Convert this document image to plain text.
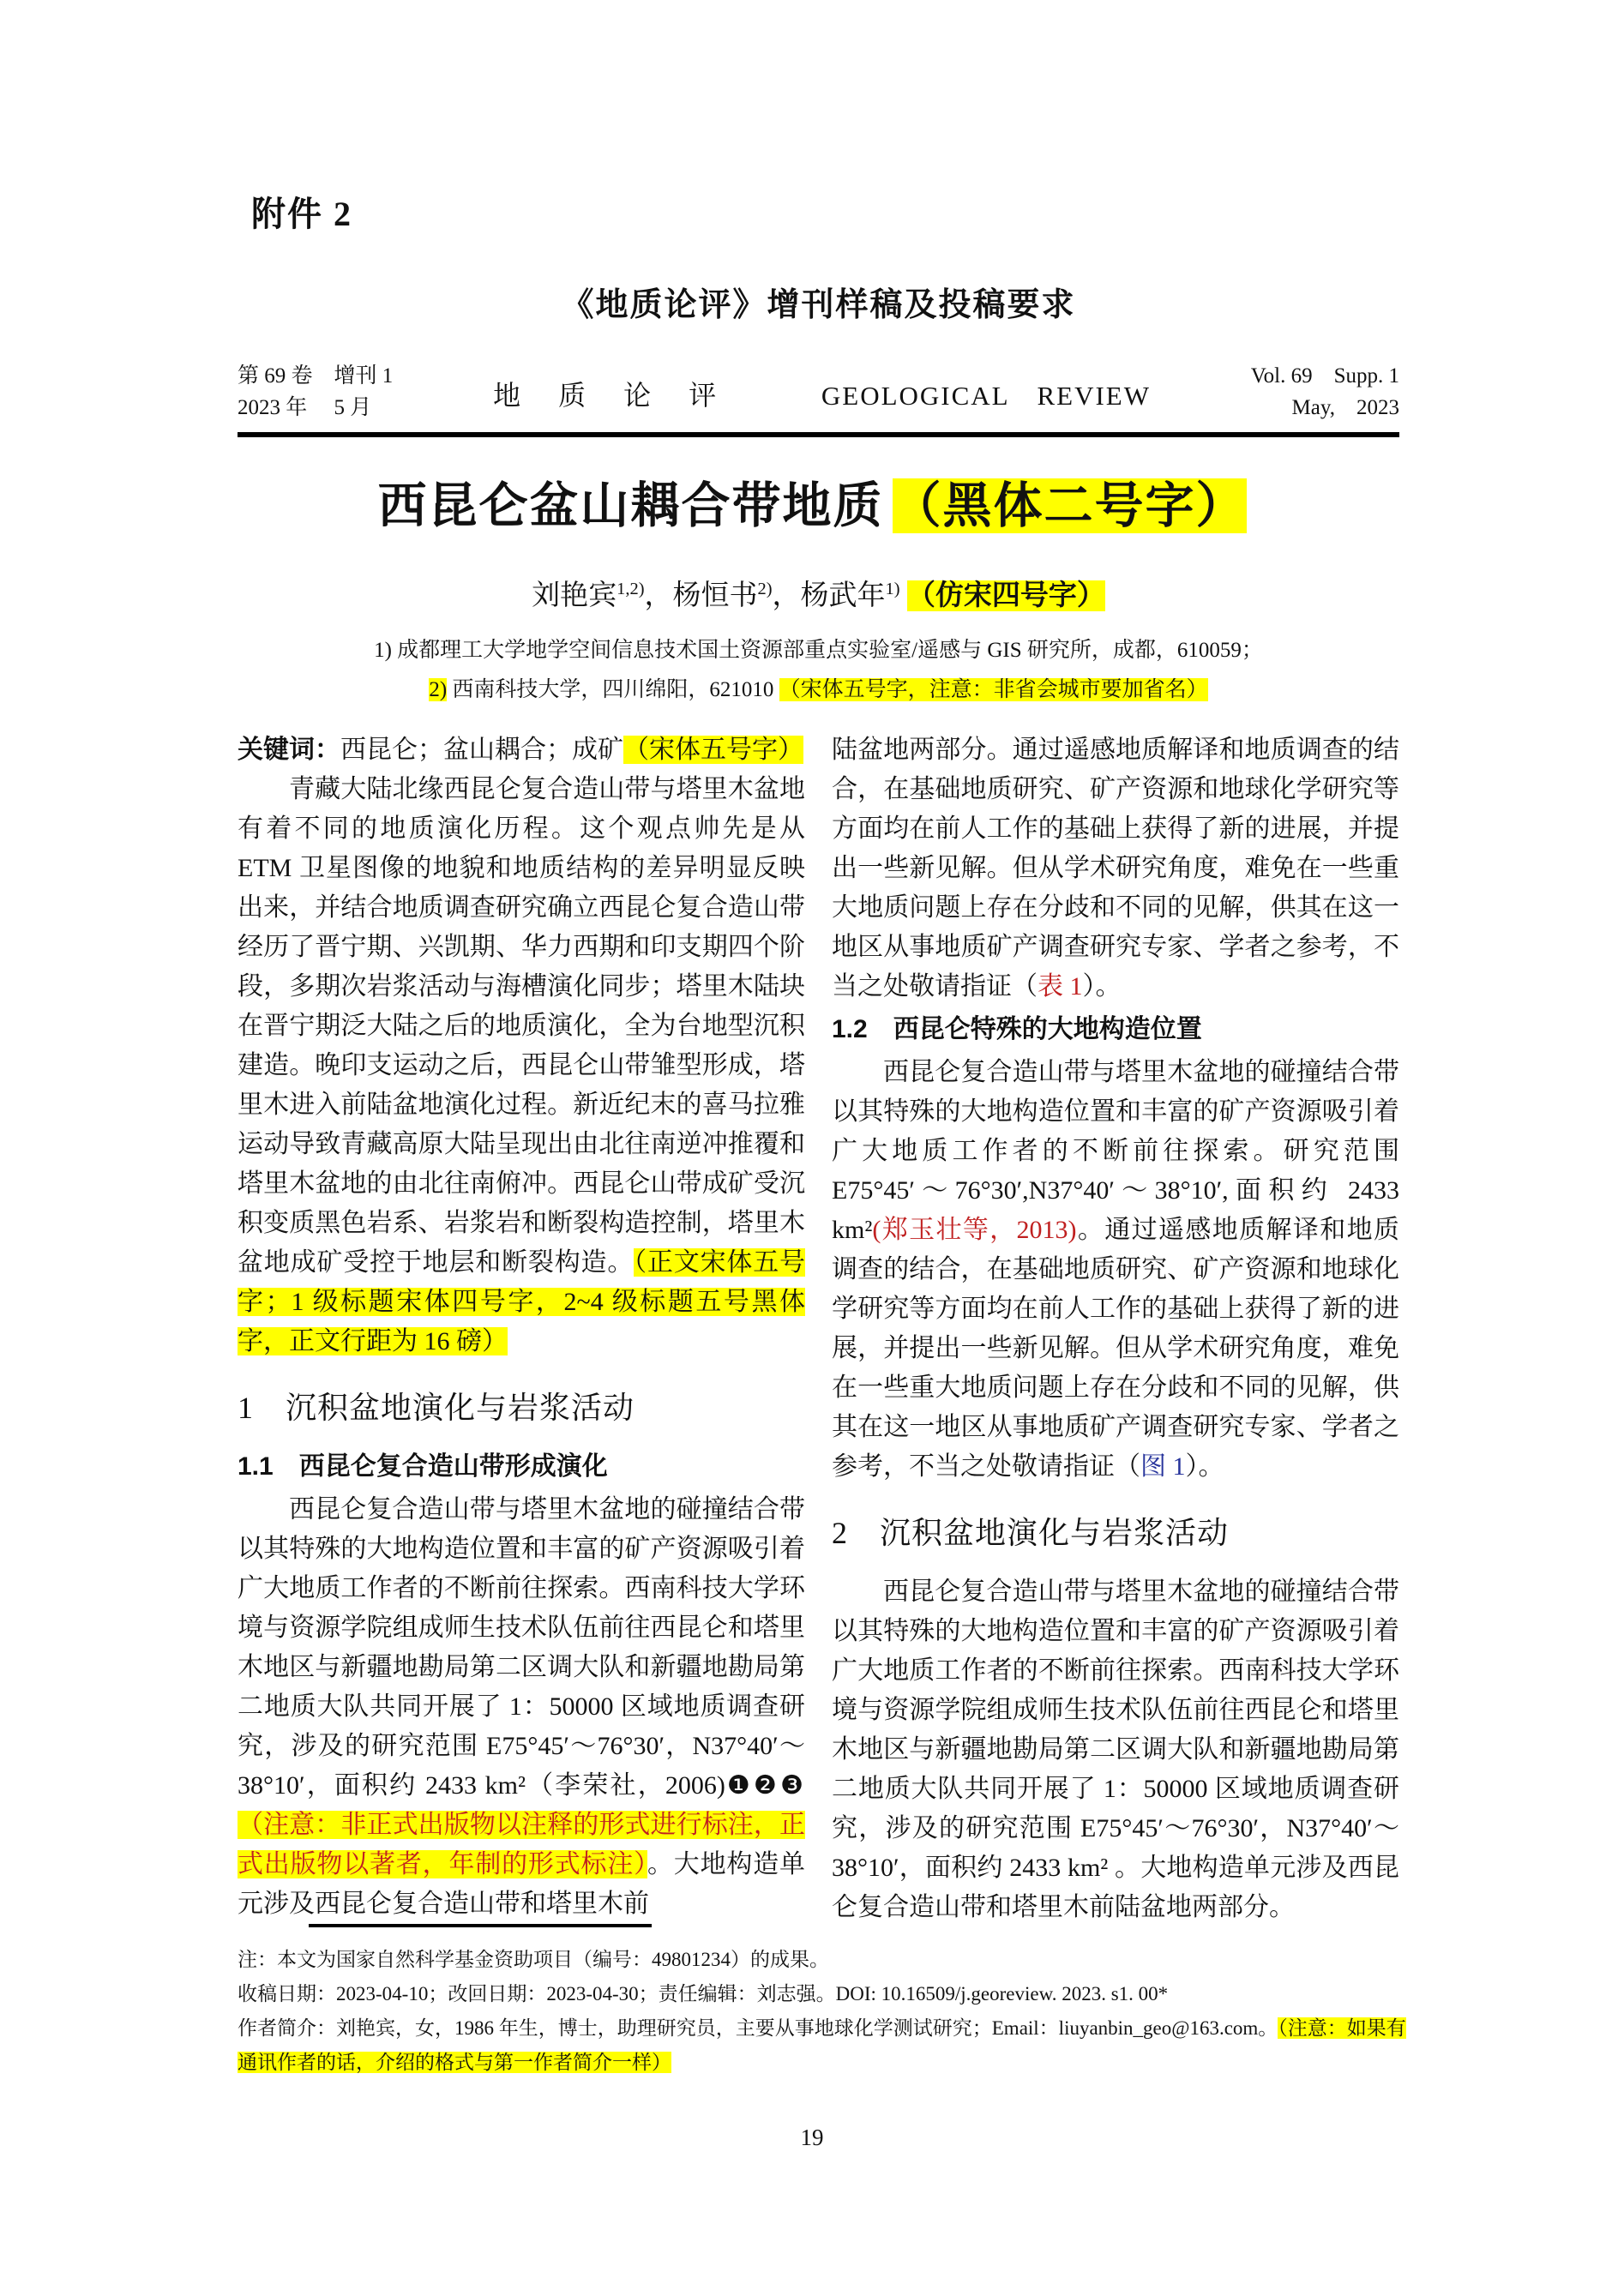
附件 2
《地质论评》增刊样稿及投稿要求
第 69 卷　增刊 1
2023 年　 5 月	地　质　论　评	GEOLOGICAL　REVIEW
Vol. 69　Supp. 1
May,　2023
西昆仑盆山耦合带地质 （黑体二号字）
刘艳宾$^{1,2)}$，杨恒书$^{2)}$，杨武年$^{1)}$ （仿宋四号字）
1) 成都理工大学地学空间信息技术国土资源部重点实验室/遥感与 GIS 研究所，成都，610059；
2) 西南科技大学，四川绵阳，621010 （宋体五号字，注意：非省会城市要加省名）
关键词：西昆仑；盆山耦合；成矿（宋体五号字）
青藏大陆北缘西昆仑复合造山带与塔里木盆地有着不同的地质演化历程。这个观点帅先是从 ETM 卫星图像的地貌和地质结构的差异明显反映出来，并结合地质调查研究确立西昆仑复合造山带经历了晋宁期、兴凯期、华力西期和印支期四个阶段，多期次岩浆活动与海槽演化同步；塔里木陆块在晋宁期泛大陆之后的地质演化，全为台地型沉积建造。晚印支运动之后，西昆仑山带雏型形成，塔里木进入前陆盆地演化过程。新近纪末的喜马拉雅运动导致青藏高原大陆呈现出由北往南逆冲推覆和塔里木盆地的由北往南俯冲。西昆仑山带成矿受沉积变质黑色岩系、岩浆岩和断裂构造控制，塔里木盆地成矿受控于地层和断裂构造。（正文宋体五号字；1 级标题宋体四号字，2~4 级标题五号黑体字，正文行距为 16 磅）
1　沉积盆地演化与岩浆活动
1.1　西昆仑复合造山带形成演化
西昆仑复合造山带与塔里木盆地的碰撞结合带以其特殊的大地构造位置和丰富的矿产资源吸引着广大地质工作者的不断前往探索。西南科技大学环境与资源学院组成师生技术队伍前往西昆仑和塔里木地区与新疆地勘局第二区调大队和新疆地勘局第二地质大队共同开展了 1：50000 区域地质调查研究，涉及的研究范围 E75°45′～76°30′，N37°40′～38°10′，面积约 2433 km²（李荣社，2006)❶❷❸ （注意：非正式出版物以注释的形式进行标注，正式出版物以著者，年制的形式标注）。大地构造单元涉及西昆仑复合造山带和塔里木前
陆盆地两部分。通过遥感地质解译和地质调查的结合，在基础地质研究、矿产资源和地球化学研究等方面均在前人工作的基础上获得了新的进展，并提出一些新见解。但从学术研究角度，难免在一些重大地质问题上存在分歧和不同的见解，供其在这一地区从事地质矿产调查研究专家、学者之参考，不当之处敬请指证（表 1）。
1.2　西昆仑特殊的大地构造位置
西昆仑复合造山带与塔里木盆地的碰撞结合带以其特殊的大地构造位置和丰富的矿产资源吸引着广大地质工作者的不断前往探索。研究范围 E75°45′～76°30′,N37°40′～38°10′,面积约 2433 km²(郑玉壮等，2013)。通过遥感地质解译和地质调查的结合，在基础地质研究、矿产资源和地球化学研究等方面均在前人工作的基础上获得了新的进展，并提出一些新见解。但从学术研究角度，难免在一些重大地质问题上存在分歧和不同的见解，供其在这一地区从事地质矿产调查研究专家、学者之参考，不当之处敬请指证（图 1）。
2　沉积盆地演化与岩浆活动
西昆仑复合造山带与塔里木盆地的碰撞结合带以其特殊的大地构造位置和丰富的矿产资源吸引着广大地质工作者的不断前往探索。西南科技大学环境与资源学院组成师生技术队伍前往西昆仑和塔里木地区与新疆地勘局第二区调大队和新疆地勘局第二地质大队共同开展了 1：50000 区域地质调查研究，涉及的研究范围 E75°45′～76°30′，N37°40′～38°10′，面积约 2433 km² 。大地构造单元涉及西昆仑复合造山带和塔里木前陆盆地两部分。
注：本文为国家自然科学基金资助项目（编号：49801234）的成果。
收稿日期：2023-04-10；改回日期：2023-04-30；责任编辑：刘志强。DOI: 10.16509/j.georeview. 2023. s1. 00*
作者简介：刘艳宾，女，1986 年生，博士，助理研究员，主要从事地球化学测试研究；Email：liuyanbin_geo@163.com。（注意：如果有通讯作者的话，介绍的格式与第一作者简介一样）
19
